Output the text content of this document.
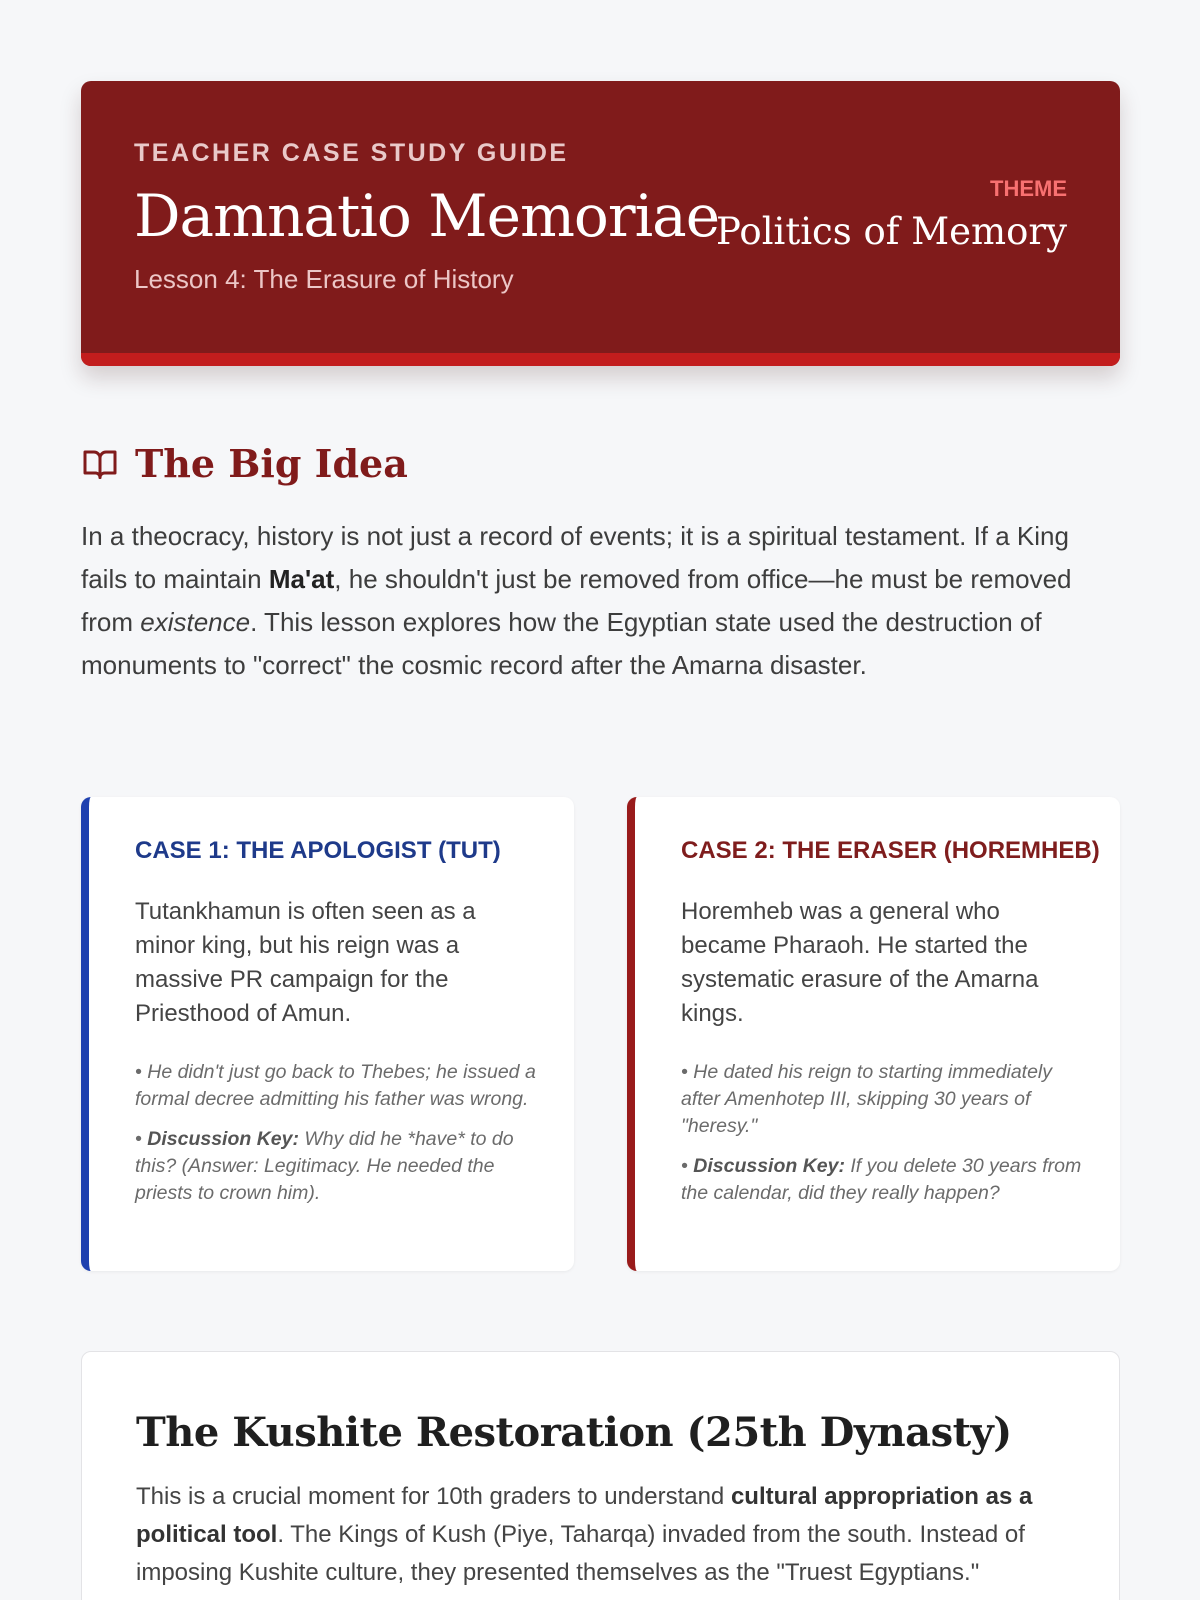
TEACHER CASE STUDY GUIDE
Damnatio Memoriae
Lesson 4: The Erasure of History
THEME
Politics of Memory
The Big Idea

In a theocracy, history is not just a record of events; it is a spiritual testament. If a King fails to maintain Ma'at, he shouldn't just be removed from office—he must be removed from existence. This lesson explores how the Egyptian state used the destruction of monuments to "correct" the cosmic record after the Amarna disaster.

CASE 1: THE APOLOGIST (TUT)

Tutankhamun is often seen as a minor king, but his reign was a massive PR campaign for the Priesthood of Amun.

• He didn't just go back to Thebes; he issued a formal decree admitting his father was wrong.
• Discussion Key: Why did he *have* to do this? (Answer: Legitimacy. He needed the priests to crown him).
CASE 2: THE ERASER (HOREMHEB)

Horemheb was a general who became Pharaoh. He started the systematic erasure of the Amarna kings.

• He dated his reign to starting immediately after Amenhotep III, skipping 30 years of "heresy."
• Discussion Key: If you delete 30 years from the calendar, did they really happen?
The Kushite Restoration (25th Dynasty)

This is a crucial moment for 10th graders to understand cultural appropriation as a political tool. The Kings of Kush (Piye, Taharqa) invaded from the south. Instead of imposing Kushite culture, they presented themselves as the "Truest Egyptians."
